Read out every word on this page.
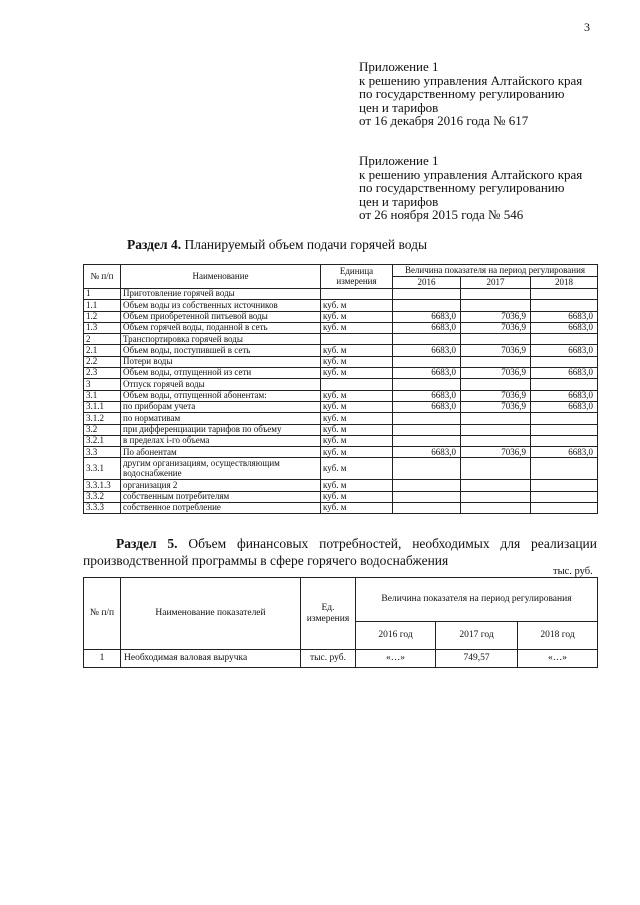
3
Приложение 1
к решению управления Алтайского края
по государственному регулированию
цен и тарифов
от 16 декабря 2016 года № 617
Приложение 1
к решению управления Алтайского края
по государственному регулированию
цен и тарифов
от 26 ноября 2015 года № 546
Раздел 4. Планируемый объем подачи горячей воды
№ п/п	Наименование	Единица измерения	Величина показателя на период регулирования		
			2016	2017	2018
1	Приготовление горячей воды				
1.1	Объем воды из собственных источников	куб. м			
1.2	Объем приобретенной питьевой воды	куб. м	6683,0	7036,9	6683,0
1.3	Объем горячей воды, поданной в сеть	куб. м	6683,0	7036,9	6683,0
2	Транспортировка горячей воды				
2.1	Объем воды, поступившей в сеть	куб. м	6683,0	7036,9	6683,0
2.2	Потери воды	куб. м			
2.3	Объем воды, отпущенной из сети	куб. м	6683,0	7036,9	6683,0
3	Отпуск горячей воды				
3.1	Объем воды, отпущенной абонентам:	куб. м	6683,0	7036,9	6683,0
3.1.1	по приборам учета	куб. м	6683,0	7036,9	6683,0
3.1.2	по нормативам	куб. м			
3.2	при дифференциации тарифов по объему	куб. м			
3.2.1	в пределах i-го объема	куб. м			
3.3	По абонентам	куб. м	6683,0	7036,9	6683,0
3.3.1	другим организациям, осуществляющим водоснабжение	куб. м			
3.3.1.3	организация 2	куб. м			
3.3.2	собственным потребителям	куб. м			
3.3.3	собственное потребление	куб. м			
Раздел 5. Объем финансовых потребностей, необходимых для реализации производственной программы в сфере горячего водоснабжения
тыс. руб.
№ п/п	Наименование показателей	Ед. измерения	Величина показателя на период регулирования		
			2016 год	2017 год	2018 год
1	Необходимая валовая выручка	тыс. руб.	«…»	749,57	«…»
